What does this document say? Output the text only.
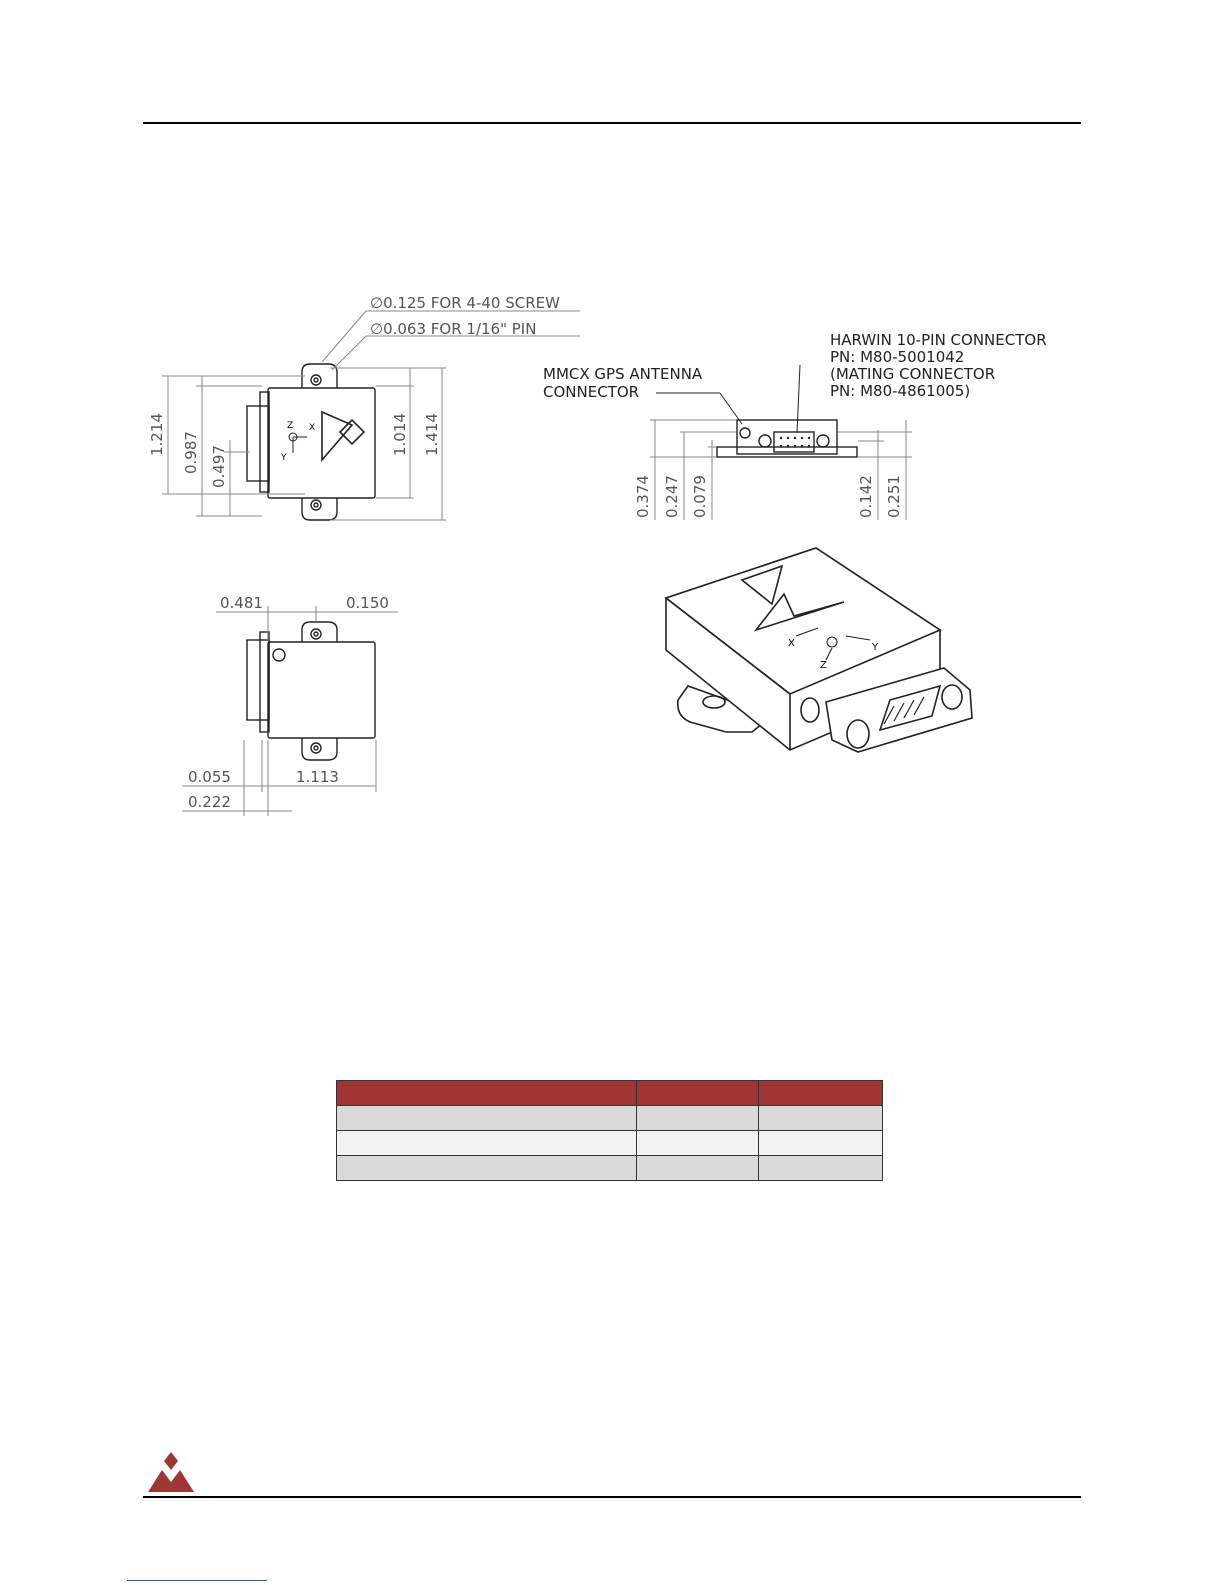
∅0.125 FOR 4-40 SCREW
∅0.063 FOR 1/16" PIN
1.214 0.987 0.497
1.014 1.414
Z X
Y
HARWIN 10-PIN CONNECTOR
PN: M80-5001042
(MATING CONNECTOR
PN: M80-4861005)
MMCX GPS ANTENNA
CONNECTOR
0.374 0.247 0.079	0.142 0.251
0.481	0.150
0.055	1.113
0.222
X	Y
Z
